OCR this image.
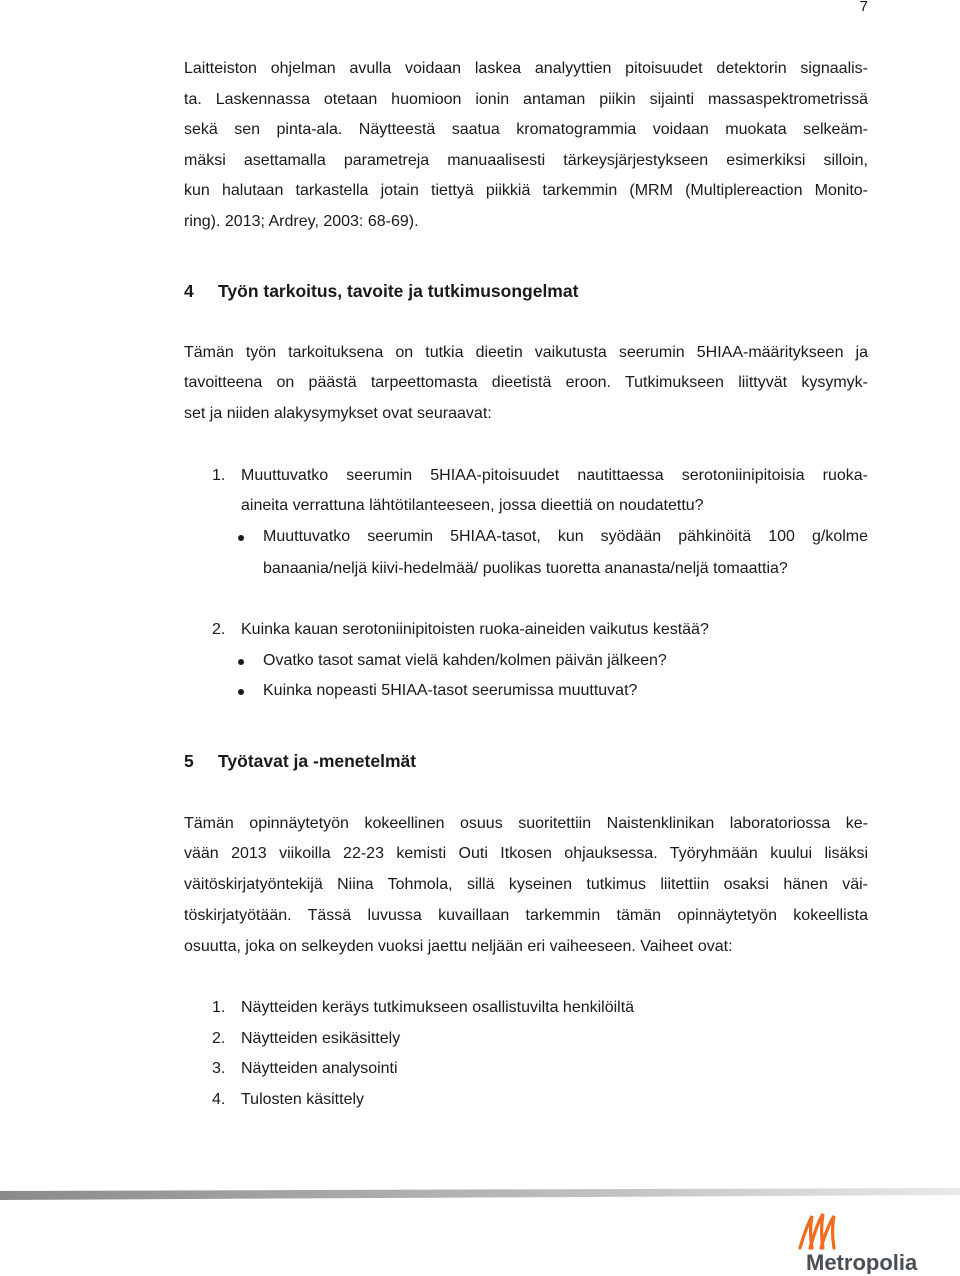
7
Laitteiston ohjelman avulla voidaan laskea analyyttien pitoisuudet detektorin signaalis-
ta. Laskennassa otetaan huomioon ionin antaman piikin sijainti massaspektrometrissä
sekä sen pinta-ala. Näytteestä saatua kromatogrammia voidaan muokata selkeäm-
mäksi asettamalla parametreja manuaalisesti tärkeysjärjestykseen esimerkiksi silloin,
kun halutaan tarkastella jotain tiettyä piikkiä tarkemmin (MRM (Multiplereaction Monito-
ring). 2013; Ardrey, 2003: 68-69).
4 Työn tarkoitus, tavoite ja tutkimusongelmat
Tämän työn tarkoituksena on tutkia dieetin vaikutusta seerumin 5HIAA-määritykseen ja
tavoitteena on päästä tarpeettomasta dieetistä eroon. Tutkimukseen liittyvät kysymyk-
set ja niiden alakysymykset ovat seuraavat:
1. Muuttuvatko seerumin 5HIAA-pitoisuudet nautittaessa serotoniinipitoisia ruoka-
aineita verrattuna lähtötilanteeseen, jossa dieettiä on noudatettu?
Muuttuvatko seerumin 5HIAA-tasot, kun syödään pähkinöitä 100 g/kolme
banaania/neljä kiivi-hedelmää/ puolikas tuoretta ananasta/neljä tomaattia?
2. Kuinka kauan serotoniinipitoisten ruoka-aineiden vaikutus kestää?
Ovatko tasot samat vielä kahden/kolmen päivän jälkeen?
Kuinka nopeasti 5HIAA-tasot seerumissa muuttuvat?
5 Työtavat ja -menetelmät
Tämän opinnäytetyön kokeellinen osuus suoritettiin Naistenklinikan laboratoriossa ke-
vään 2013 viikoilla 22-23 kemisti Outi Itkosen ohjauksessa. Työryhmään kuului lisäksi
väitöskirjatyöntekijä Niina Tohmola, sillä kyseinen tutkimus liitettiin osaksi hänen väi-
töskirjatyötään. Tässä luvussa kuvaillaan tarkemmin tämän opinnäytetyön kokeellista
osuutta, joka on selkeyden vuoksi jaettu neljään eri vaiheeseen. Vaiheet ovat:
1. Näytteiden keräys tutkimukseen osallistuvilta henkilöiltä
2. Näytteiden esikäsittely
3. Näytteiden analysointi
4. Tulosten käsittely
Metropolia
